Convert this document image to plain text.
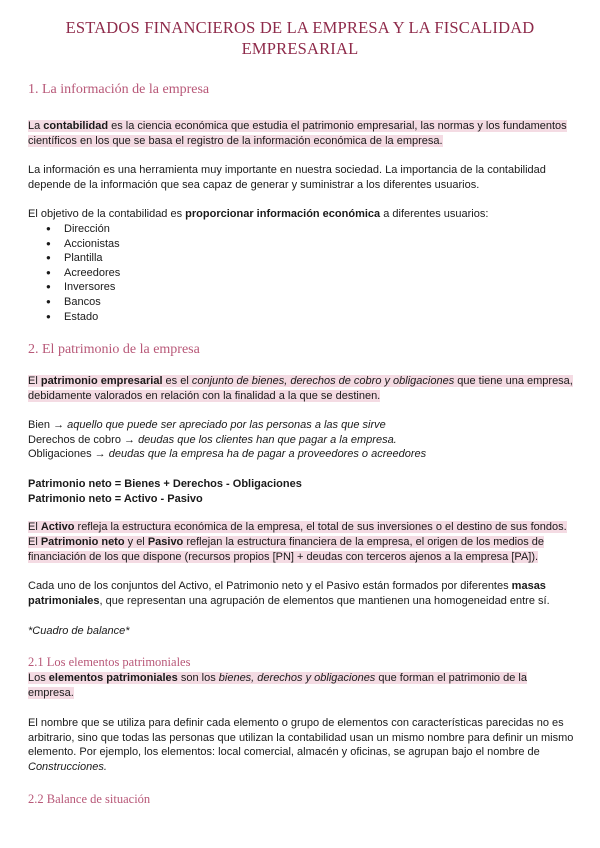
ESTADOS FINANCIEROS DE LA EMPRESA Y LA FISCALIDAD EMPRESARIAL
1. La información de la empresa
La contabilidad es la ciencia económica que estudia el patrimonio empresarial, las normas y los fundamentos científicos en los que se basa el registro de la información económica de la empresa.
La información es una herramienta muy importante en nuestra sociedad. La importancia de la contabilidad depende de la información que sea capaz de generar y suministrar a los diferentes usuarios.
El objetivo de la contabilidad es proporcionar información económica a diferentes usuarios:
● Dirección
● Accionistas
● Plantilla
● Acreedores
● Inversores
● Bancos
● Estado
2. El patrimonio de la empresa
El patrimonio empresarial es el conjunto de bienes, derechos de cobro y obligaciones que tiene una empresa, debidamente valorados en relación con la finalidad a la que se destinen.
Bien → aquello que puede ser apreciado por las personas a las que sirve
Derechos de cobro → deudas que los clientes han que pagar a la empresa.
Obligaciones → deudas que la empresa ha de pagar a proveedores o acreedores
Patrimonio neto = Bienes + Derechos - Obligaciones
Patrimonio neto = Activo - Pasivo
El Activo refleja la estructura económica de la empresa, el total de sus inversiones o el destino de sus fondos.
El Patrimonio neto y el Pasivo reflejan la estructura financiera de la empresa, el origen de los medios de financiación de los que dispone (recursos propios [PN] + deudas con terceros ajenos a la empresa [PA]).
Cada uno de los conjuntos del Activo, el Patrimonio neto y el Pasivo están formados por diferentes masas patrimoniales, que representan una agrupación de elementos que mantienen una homogeneidad entre sí.
*Cuadro de balance*
2.1 Los elementos patrimoniales
Los elementos patrimoniales son los bienes, derechos y obligaciones que forman el patrimonio de la empresa.
El nombre que se utiliza para definir cada elemento o grupo de elementos con características parecidas no es arbitrario, sino que todas las personas que utilizan la contabilidad usan un mismo nombre para definir un mismo elemento. Por ejemplo, los elementos: local comercial, almacén y oficinas, se agrupan bajo el nombre de Construcciones.
2.2 Balance de situación
